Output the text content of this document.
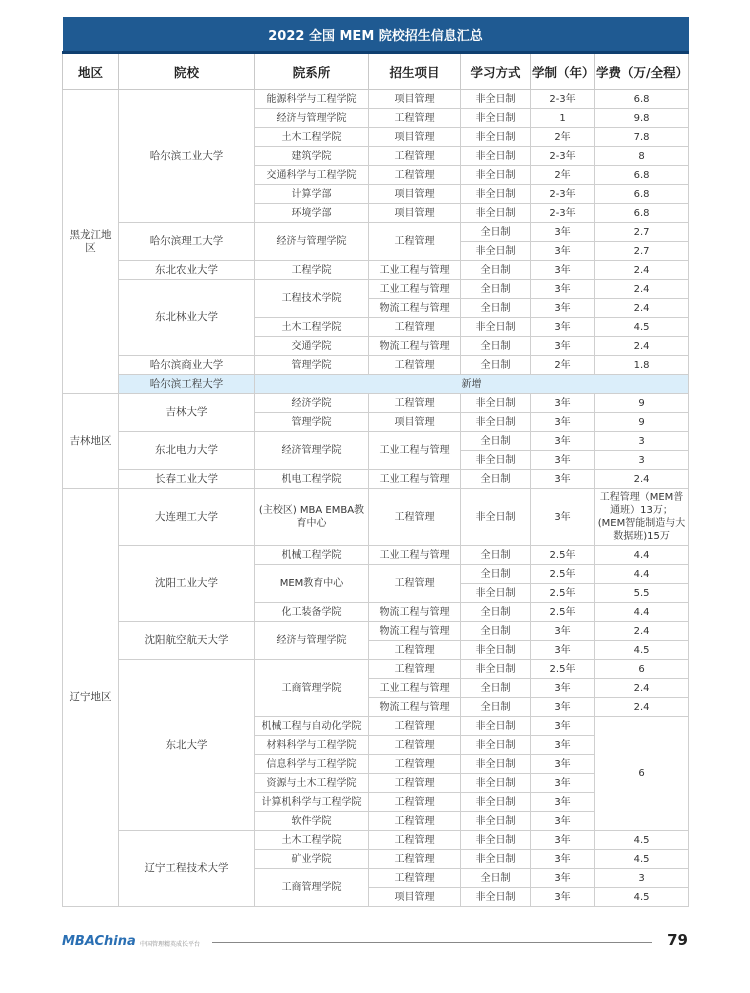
2022 全国 MEM 院校招生信息汇总						
地区	院校	院系所	招生项目	学习方式	学制（年）	学费（万/全程）
黑龙江地区	哈尔滨工业大学	能源科学与工程学院	项目管理	非全日制	2-3年	6.8
		经济与管理学院	工程管理	非全日制	1	9.8
		土木工程学院	项目管理	非全日制	2年	7.8
		建筑学院	工程管理	非全日制	2-3年	8
		交通科学与工程学院	工程管理	非全日制	2年	6.8
		计算学部	项目管理	非全日制	2-3年	6.8
		环境学部	项目管理	非全日制	2-3年	6.8
	哈尔滨理工大学	经济与管理学院	工程管理	全日制	3年	2.7
				非全日制	3年	2.7
	东北农业大学	工程学院	工业工程与管理	全日制	3年	2.4
	东北林业大学	工程技术学院	工业工程与管理	全日制	3年	2.4
			物流工程与管理	全日制	3年	2.4
		土木工程学院	工程管理	非全日制	3年	4.5
		交通学院	物流工程与管理	全日制	3年	2.4
	哈尔滨商业大学	管理学院	工程管理	全日制	2年	1.8
	哈尔滨工程大学	新增				
吉林地区	吉林大学	经济学院	工程管理	非全日制	3年	9
		管理学院	项目管理	非全日制	3年	9
	东北电力大学	经济管理学院	工业工程与管理	全日制	3年	3
				非全日制	3年	3
	长春工业大学	机电工程学院	工业工程与管理	全日制	3年	2.4
辽宁地区	大连理工大学	(主校区) MBA EMBA教育中心	工程管理	非全日制	3年	工程管理（MEM普通班）13万；(MEM智能制造与大数据班)15万
	沈阳工业大学	机械工程学院	工业工程与管理	全日制	2.5年	4.4
		MEM教育中心	工程管理	全日制	2.5年	4.4
				非全日制	2.5年	5.5
		化工装备学院	物流工程与管理	全日制	2.5年	4.4
	沈阳航空航天大学	经济与管理学院	物流工程与管理	全日制	3年	2.4
			工程管理	非全日制	3年	4.5
	东北大学	工商管理学院	工程管理	非全日制	2.5年	6
			工业工程与管理	全日制	3年	2.4
			物流工程与管理	全日制	3年	2.4
		机械工程与自动化学院	工程管理	非全日制	3年	6
		材料科学与工程学院	工程管理	非全日制	3年	
		信息科学与工程学院	工程管理	非全日制	3年	
		资源与土木工程学院	工程管理	非全日制	3年	
		计算机科学与工程学院	工程管理	非全日制	3年	
		软件学院	工程管理	非全日制	3年	
	辽宁工程技术大学	土木工程学院	工程管理	非全日制	3年	4.5
		矿业学院	工程管理	非全日制	3年	4.5
		工商管理学院	工程管理	全日制	3年	3
			项目管理	非全日制	3年	4.5
MBAChina 中国管理精英成长平台	79
